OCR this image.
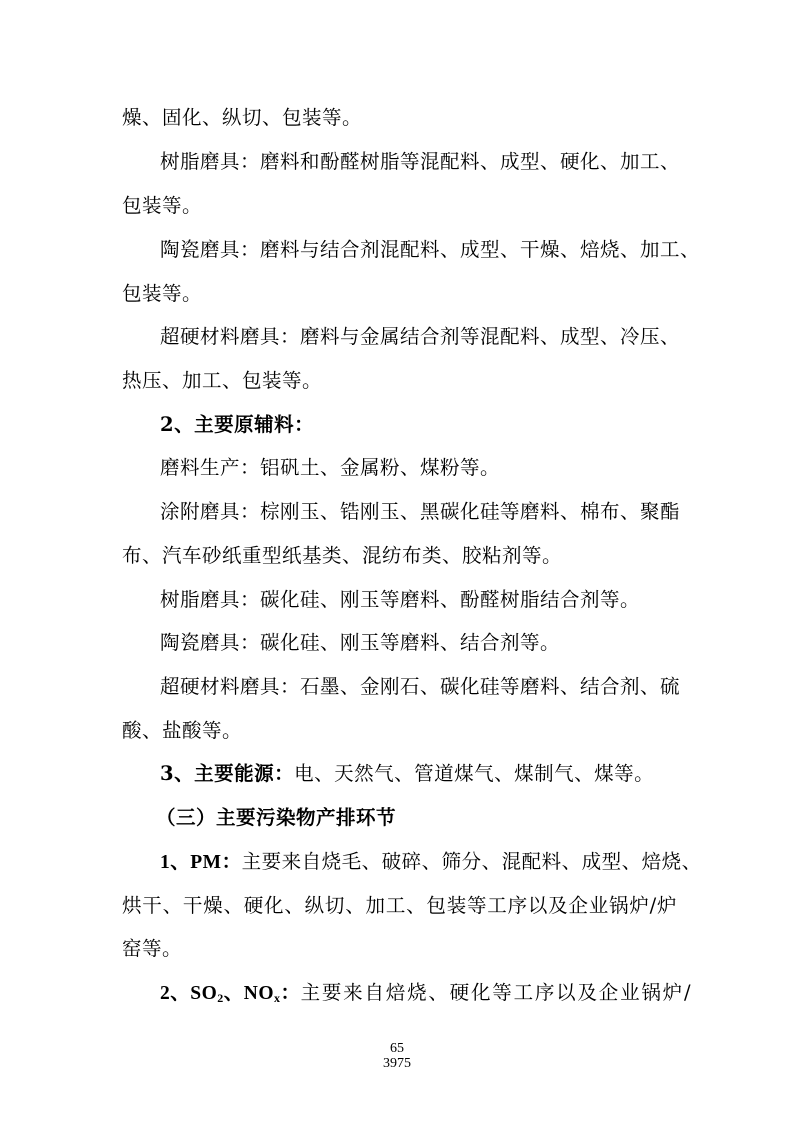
燥、固化、纵切、包装等。
树脂磨具：磨料和酚醛树脂等混配料、成型、硬化、加工、
包装等。
陶瓷磨具：磨料与结合剂混配料、成型、干燥、焙烧、加工、
包装等。
超硬材料磨具：磨料与金属结合剂等混配料、成型、冷压、
热压、加工、包装等。
2、主要原辅料：
磨料生产：铝矾土、金属粉、煤粉等。
涂附磨具：棕刚玉、锆刚玉、黑碳化硅等磨料、棉布、聚酯
布、汽车砂纸重型纸基类、混纺布类、胶粘剂等。
树脂磨具：碳化硅、刚玉等磨料、酚醛树脂结合剂等。
陶瓷磨具：碳化硅、刚玉等磨料、结合剂等。
超硬材料磨具：石墨、金刚石、碳化硅等磨料、结合剂、硫
酸、盐酸等。
3、主要能源：电、天然气、管道煤气、煤制气、煤等。
（三）主要污染物产排环节
1、PM：主要来自烧毛、破碎、筛分、混配料、成型、焙烧、
烘干、干燥、硬化、纵切、加工、包装等工序以及企业锅炉/炉
窑等。
2、$SO_2$、$NO_x$：主要来自焙烧、硬化等工序以及企业锅炉/
65
3975
